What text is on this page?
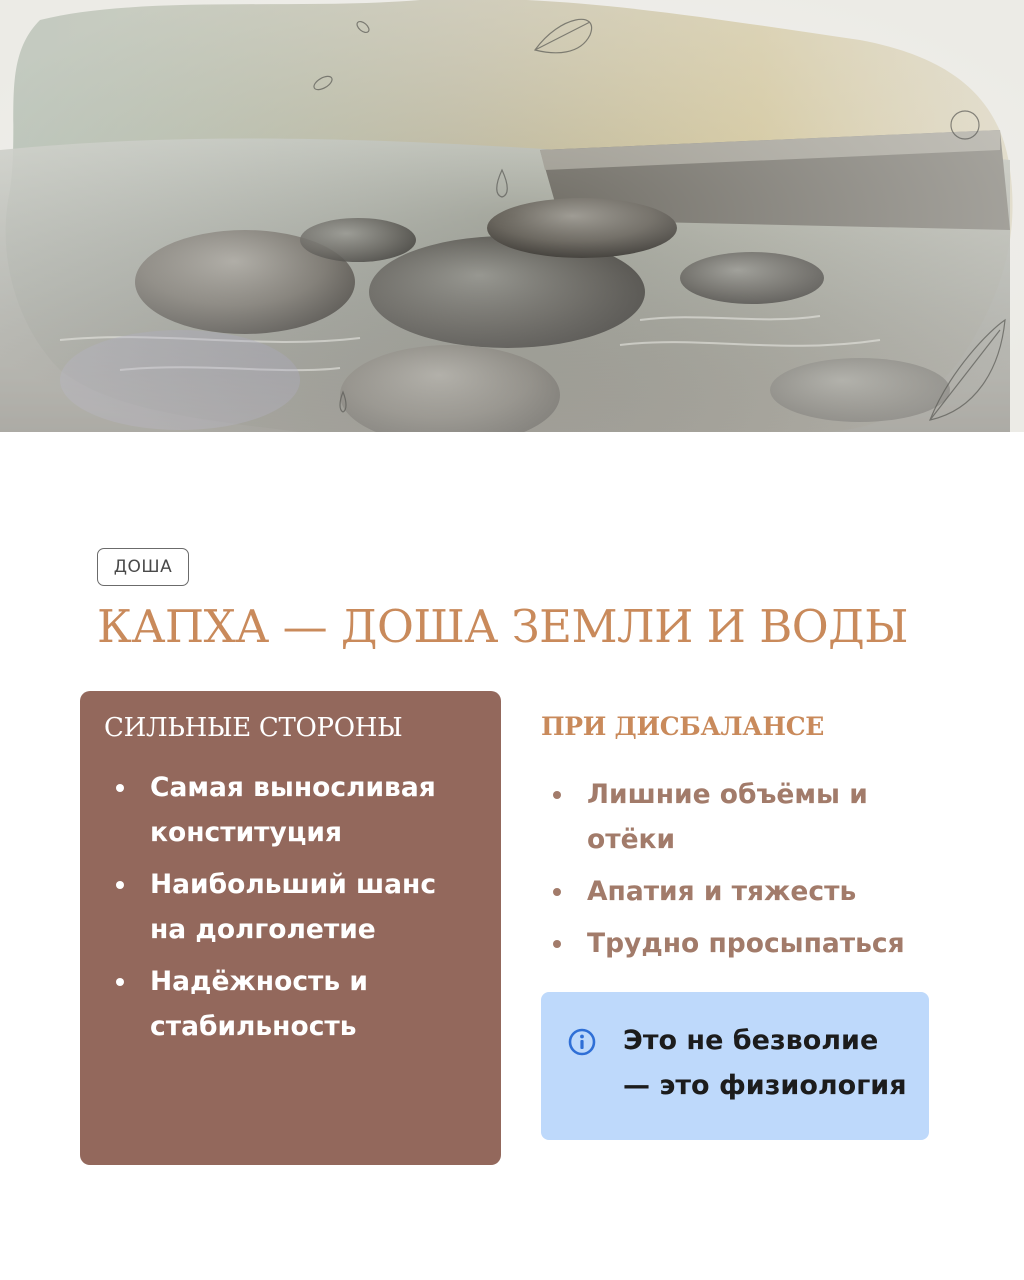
ДОША
КАПХА — ДОША ЗЕМЛИ И ВОДЫ
СИЛЬНЫЕ СТОРОНЫ
Самая выносливая
конституция
Наибольший шанс
на долголетие
Надёжность и
стабильность
ПРИ ДИСБАЛАНСЕ
Лишние объёмы и
отёки
Апатия и тяжесть
Трудно просыпаться
Это не безволие
— это физиология
